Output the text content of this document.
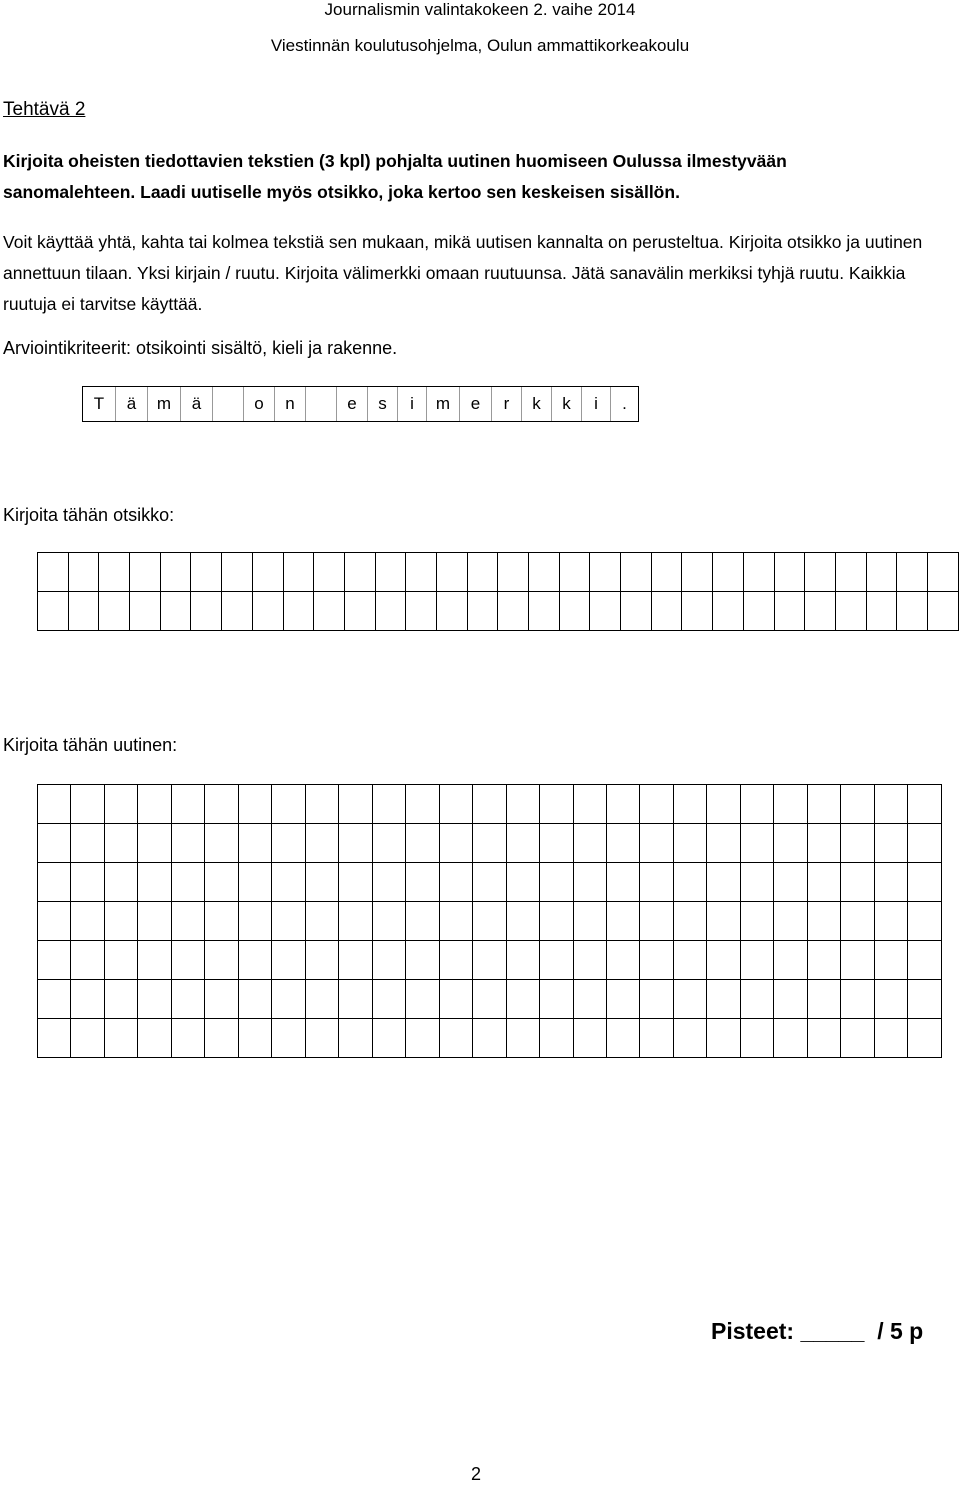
Journalismin valintakokeen 2. vaihe 2014
Viestinnän koulutusohjelma, Oulun ammattikorkeakoulu
Tehtävä 2
Kirjoita oheisten tiedottavien tekstien (3 kpl) pohjalta uutinen huomiseen Oulussa ilmestyvään sanomalehteen. Laadi uutiselle myös otsikko, joka kertoo sen keskeisen sisällön.
Voit käyttää yhtä, kahta tai kolmea tekstiä sen mukaan, mikä uutisen kannalta on perusteltua. Kirjoita otsikko ja uutinen annettuun tilaan. Yksi kirjain / ruutu. Kirjoita välimerkki omaan ruutuunsa. Jätä sanavälin merkiksi tyhjä ruutu. Kaikkia ruutuja ei tarvitse käyttää.
Arviointikriteerit: otsikointi sisältö, kieli ja rakenne.
T	ä	m	ä	o	n	e	s	i	m	e	r	k	k	i	.
Kirjoita tähän otsikko:

Kirjoita tähän uutinen:

Pisteet: _____  / 5 p
2
